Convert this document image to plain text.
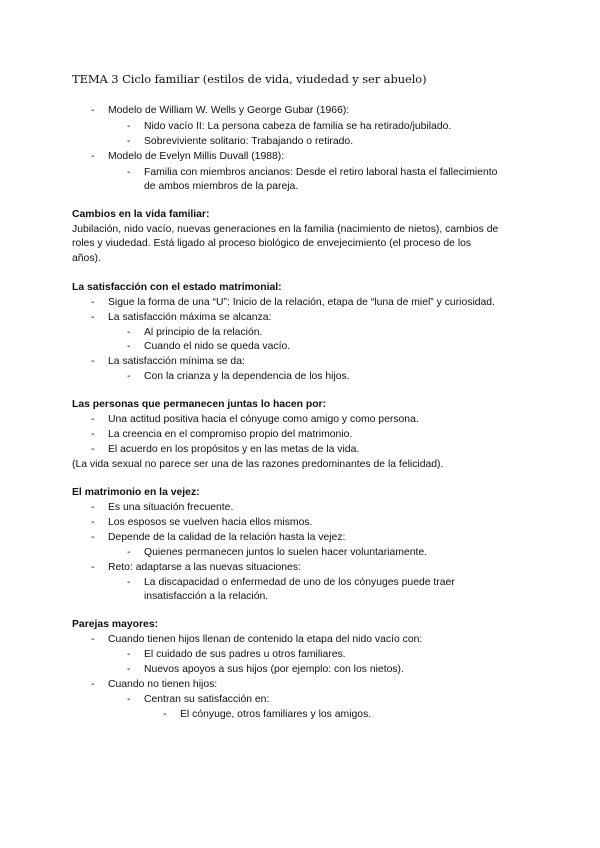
TEMA 3 Ciclo familiar (estilos de vida, viudedad y ser abuelo)
- Modelo de William W. Wells y George Gubar (1966):
- Nido vacío II: La persona cabeza de familia se ha retirado/jubilado.
- Sobreviviente solitario: Trabajando o retirado.
- Modelo de Evelyn Millis Duvall (1988):
- Familia con miembros ancianos: Desde el retiro laboral hasta el fallecimiento
de ambos miembros de la pareja.
Cambios en la vida familiar:
Jubilación, nido vacío, nuevas generaciones en la familia (nacimiento de nietos), cambios de
roles y viudedad. Está ligado al proceso biológico de envejecimiento (el proceso de los
años).
La satisfacción con el estado matrimonial:
- Sigue la forma de una “U”: Inicio de la relación, etapa de “luna de miel” y curiosidad.
- La satisfacción máxima se alcanza:
- Al principio de la relación.
- Cuando el nido se queda vacío.
- La satisfacción mínima se da:
- Con la crianza y la dependencia de los hijos.
Las personas que permanecen juntas lo hacen por:
- Una actitud positiva hacia el cónyuge como amigo y como persona.
- La creencia en el compromiso propio del matrimonio.
- El acuerdo en los propósitos y en las metas de la vida.
(La vida sexual no parece ser una de las razones predominantes de la felicidad).
El matrimonio en la vejez:
- Es una situación frecuente.
- Los esposos se vuelven hacia ellos mismos.
- Depende de la calidad de la relación hasta la vejez:
- Quienes permanecen juntos lo suelen hacer voluntariamente.
- Reto: adaptarse a las nuevas situaciones:
- La discapacidad o enfermedad de uno de los cónyuges puede traer
insatisfacción a la relación.
Parejas mayores:
- Cuando tienen hijos llenan de contenido la etapa del nido vacío con:
- El cuidado de sus padres u otros familiares.
- Nuevos apoyos a sus hijos (por ejemplo: con los nietos).
- Cuando no tienen hijos:
- Centran su satisfacción en:
- El cónyuge, otros familiares y los amigos.
